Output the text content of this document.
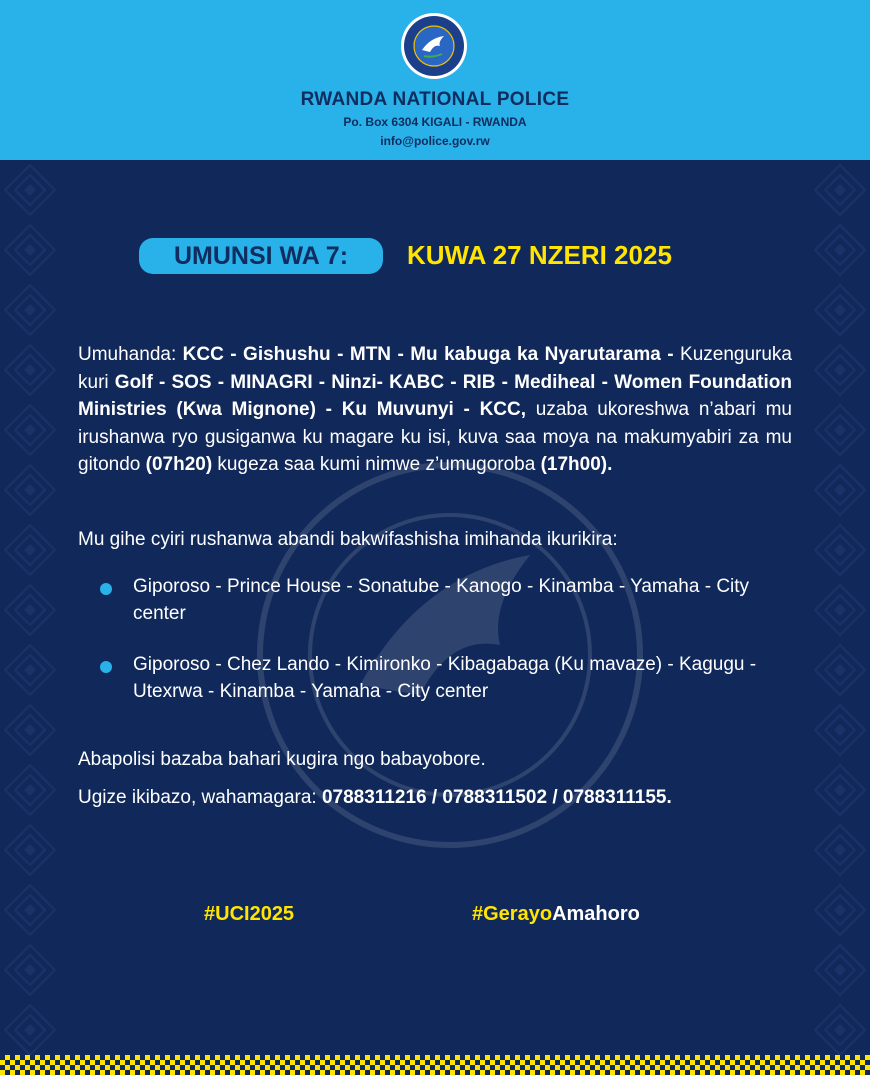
RWANDA NATIONAL POLICE
Po. Box 6304 KIGALI - RWANDA
info@police.gov.rw
UMUNSI WA 7:	KUWA 27 NZERI 2025
Umuhanda: KCC - Gishushu - MTN - Mu kabuga ka Nyarutarama - Kuzenguruka kuri Golf - SOS - MINAGRI - Ninzi- KABC - RIB - Mediheal - Women Foundation Ministries (Kwa Mignone) - Ku Muvunyi - KCC, uzaba ukoreshwa n’abari mu irushanwa ryo gusiganwa ku magare ku isi, kuva saa moya na makumyabiri za mu gitondo (07h20) kugeza saa kumi nimwe z’umugoroba (17h00).
Mu gihe cyiri rushanwa abandi bakwifashisha imihanda ikurikira:
Giporoso - Prince House - Sonatube - Kanogo - Kinamba - Yamaha - City center
Giporoso - Chez Lando - Kimironko - Kibagabaga (Ku mavaze) - Kagugu -Utexrwa - Kinamba - Yamaha - City center
Abapolisi bazaba bahari kugira ngo babayobore.
Ugize ikibazo, wahamagara: 0788311216 / 0788311502 / 0788311155.
#UCI2025	#GerayoAmahoro
